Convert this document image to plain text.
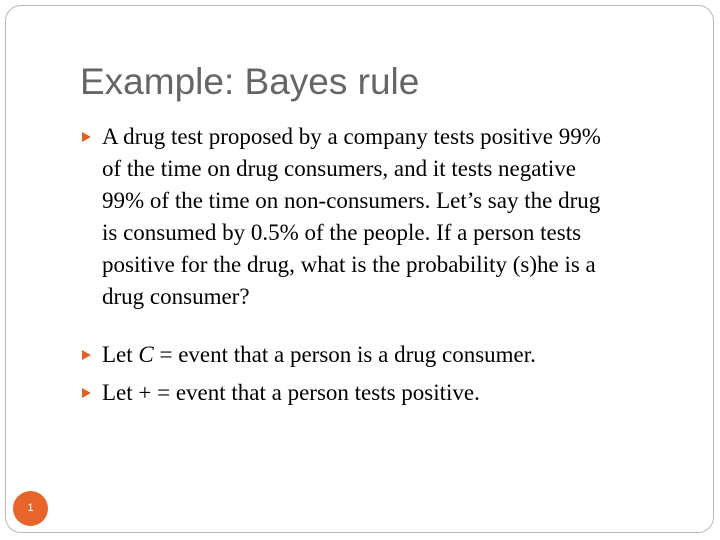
Example: Bayes rule
A drug test proposed by a company tests positive 99%
of the time on drug consumers, and it tests negative
99% of the time on non-consumers. Let’s say the drug
is consumed by 0.5% of the people. If a person tests
positive for the drug, what is the probability (s)he is a
drug consumer?
Let C = event that a person is a drug consumer.
Let + = event that a person tests positive.
1
